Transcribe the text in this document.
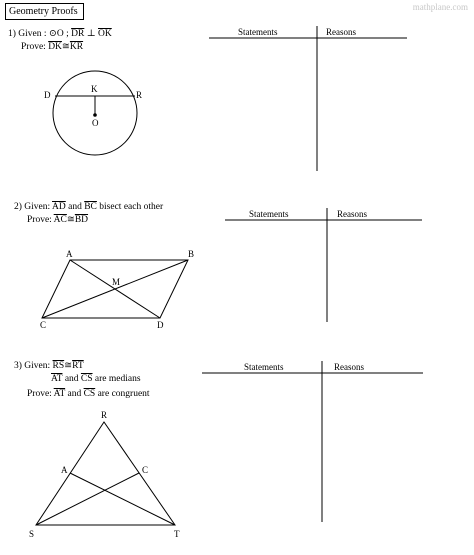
Geometry Proofs	mathplane.com
1) Given : ⊙O ; $\overline{DR}$ ⊥ $\overline{OK}$
Prove: $\overline{DK}≅\overline{KR}$
2) Given: $\overline{AD}$ and $\overline{BC}$ bisect each other
Prove: $\overline{AC}≅\overline{BD}$
3) Given: $\overline{RS}≅\overline{RT}$
$\overline{AT}$ and $\overline{CS}$ are medians
Prove: $\overline{AT}$ and $\overline{CS}$ are congruent
Statements	Reasons
Statements	Reasons
Statements	Reasons
D
K
R
O
A	B
C	D
M
R
A	C
S	T
